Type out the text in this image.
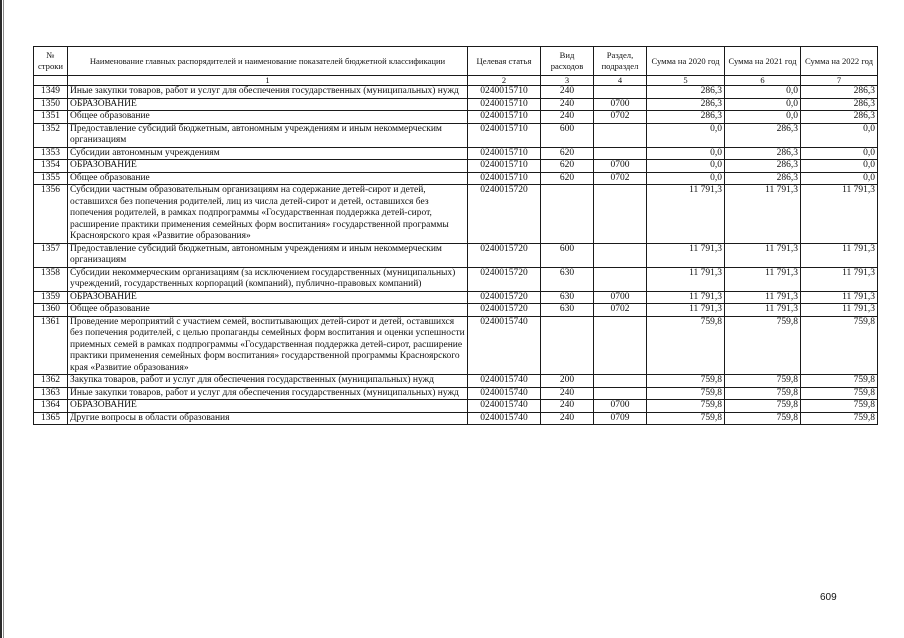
№ строки	Наименование главных распорядителей и наименование показателей бюджетной классификации	Целевая статья	Вид расходов	Раздел, подраздел	Сумма на 2020 год	Сумма на 2021 год	Сумма на 2022 год
	1	2	3	4	5	6	7
1349	Иные закупки товаров, работ и услуг для обеспечения государственных (муниципальных) нужд	0240015710	240		286,3	0,0	286,3
1350	ОБРАЗОВАНИЕ	0240015710	240	0700	286,3	0,0	286,3
1351	Общее образование	0240015710	240	0702	286,3	0,0	286,3
1352	Предоставление субсидий бюджетным, автономным учреждениям и иным некоммерческим организациям	0240015710	600		0,0	286,3	0,0
1353	Субсидии автономным учреждениям	0240015710	620		0,0	286,3	0,0
1354	ОБРАЗОВАНИЕ	0240015710	620	0700	0,0	286,3	0,0
1355	Общее образование	0240015710	620	0702	0,0	286,3	0,0
1356	Субсидии частным образовательным организациям на содержание детей-сирот и детей, оставшихся без попечения родителей, лиц из числа детей-сирот и детей, оставшихся без попечения родителей, в рамках подпрограммы «Государственная поддержка детей-сирот, расширение практики применения семейных форм воспитания» государственной программы Красноярского края «Развитие образования»	0240015720			11 791,3	11 791,3	11 791,3
1357	Предоставление субсидий бюджетным, автономным учреждениям и иным некоммерческим организациям	0240015720	600		11 791,3	11 791,3	11 791,3
1358	Субсидии некоммерческим организациям (за исключением государственных (муниципальных) учреждений, государственных корпораций (компаний), публично-правовых компаний)	0240015720	630		11 791,3	11 791,3	11 791,3
1359	ОБРАЗОВАНИЕ	0240015720	630	0700	11 791,3	11 791,3	11 791,3
1360	Общее образование	0240015720	630	0702	11 791,3	11 791,3	11 791,3
1361	Проведение мероприятий с участием семей, воспитывающих детей-сирот и детей, оставшихся без попечения родителей, с целью пропаганды семейных форм воспитания и оценки успешности приемных семей в рамках подпрограммы «Государственная поддержка детей-сирот, расширение практики применения семейных форм воспитания» государственной программы Красноярского края «Развитие образования»	0240015740			759,8	759,8	759,8
1362	Закупка товаров, работ и услуг для обеспечения государственных (муниципальных) нужд	0240015740	200		759,8	759,8	759,8
1363	Иные закупки товаров, работ и услуг для обеспечения государственных (муниципальных) нужд	0240015740	240		759,8	759,8	759,8
1364	ОБРАЗОВАНИЕ	0240015740	240	0700	759,8	759,8	759,8
1365	Другие вопросы в области образования	0240015740	240	0709	759,8	759,8	759,8
609
